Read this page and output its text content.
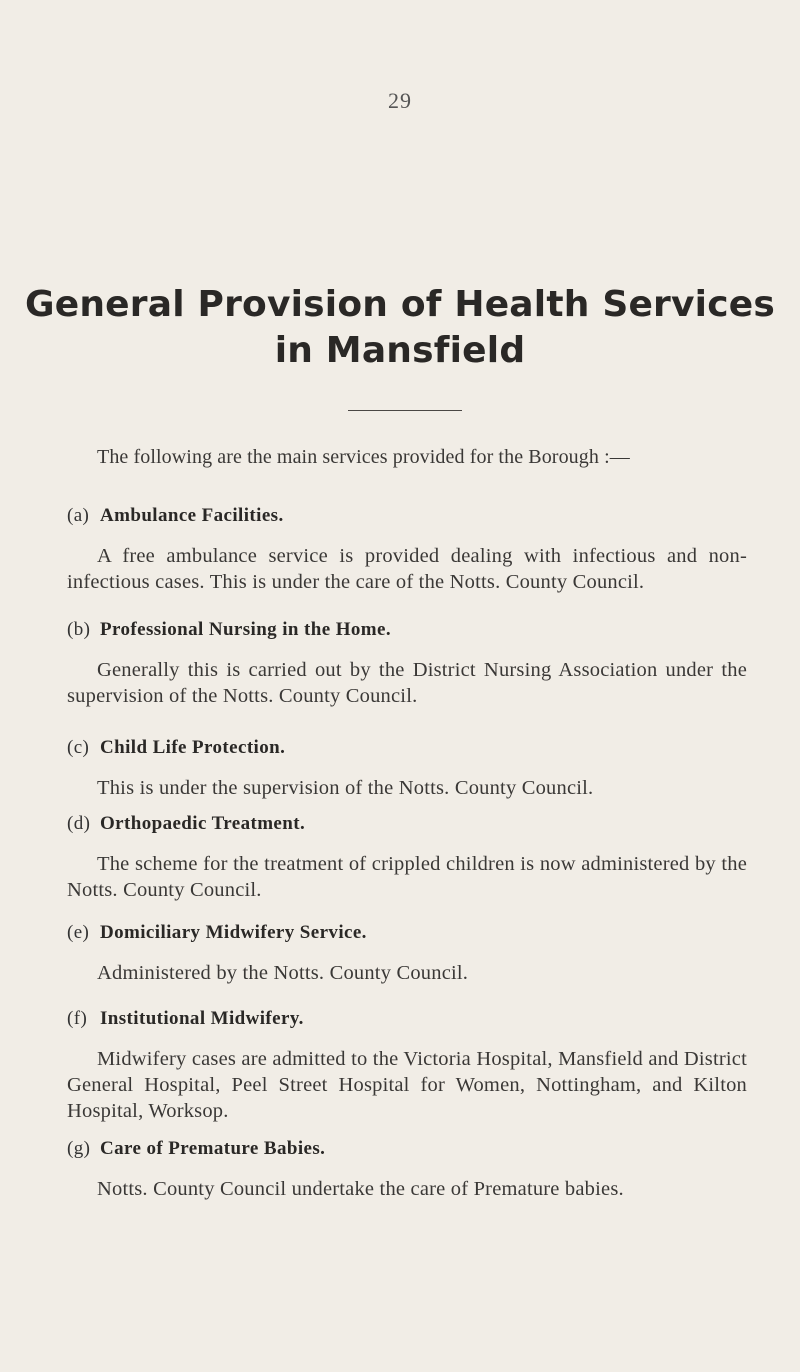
29
General Provision of Health Services
in Mansfield
The following are the main services provided for the Borough :—
(a) Ambulance Facilities.
A free ambulance service is provided dealing with infectious and non-infectious cases. This is under the care of the Notts. County Council.
(b) Professional Nursing in the Home.
Generally this is carried out by the District Nursing Association under the supervision of the Notts. County Council.
(c) Child Life Protection.
This is under the supervision of the Notts. County Council.
(d) Orthopaedic Treatment.
The scheme for the treatment of crippled children is now administered by the Notts. County Council.
(e) Domiciliary Midwifery Service.
Administered by the Notts. County Council.
(f) Institutional Midwifery.
Midwifery cases are admitted to the Victoria Hospital, Mansfield and District General Hospital, Peel Street Hospital for Women, Nottingham, and Kilton Hospital, Worksop.
(g) Care of Premature Babies.
Notts. County Council undertake the care of Premature babies.
